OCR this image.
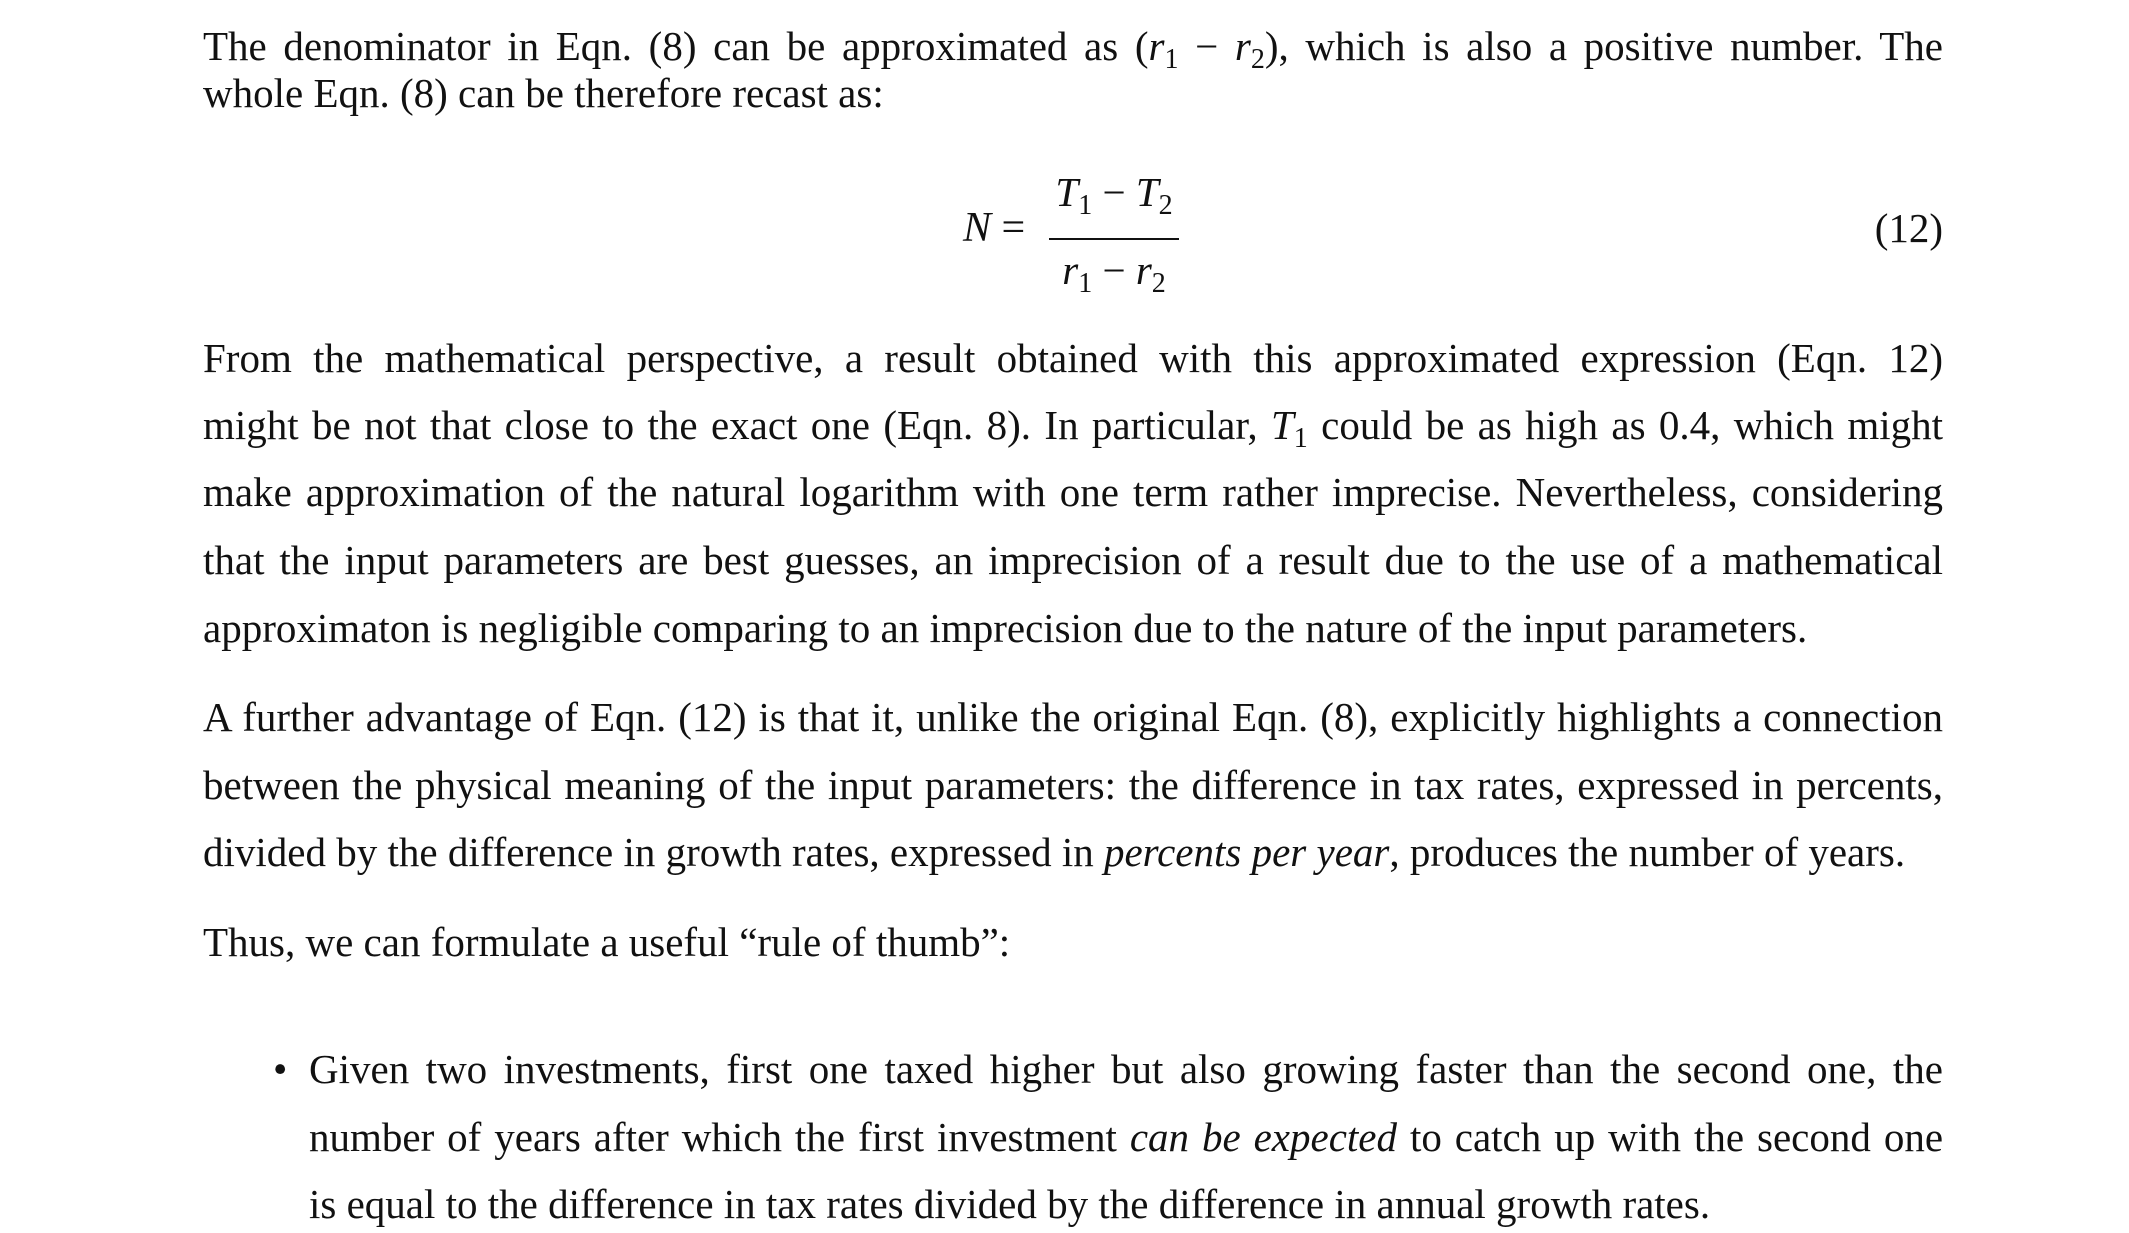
The denominator in Eqn. (8) can be approximated as $(r_1 - r_2)$, which is also a positive number. The
whole Eqn. (8) can be therefore recast as:
N =
$T_1 - T_2$
$r_1 - r_2$
(12)
From the mathematical perspective, a result obtained with this approximated expression (Eqn. 12)
might be not that close to the exact one (Eqn. 8). In particular, $T_1$ could be as high as 0.4, which might
make approximation of the natural logarithm with one term rather imprecise. Nevertheless, considering
that the input parameters are best guesses, an imprecision of a result due to the use of a mathematical
approximaton is negligible comparing to an imprecision due to the nature of the input parameters.
A further advantage of Eqn. (12) is that it, unlike the original Eqn. (8), explicitly highlights a connection
between the physical meaning of the input parameters: the difference in tax rates, expressed in percents,
divided by the difference in growth rates, expressed in percents per year, produces the number of years.
Thus, we can formulate a useful “rule of thumb”:
• Given two investments, first one taxed higher but also growing faster than the second one, the
number of years after which the first investment can be expected to catch up with the second one
is equal to the difference in tax rates divided by the difference in annual growth rates.
